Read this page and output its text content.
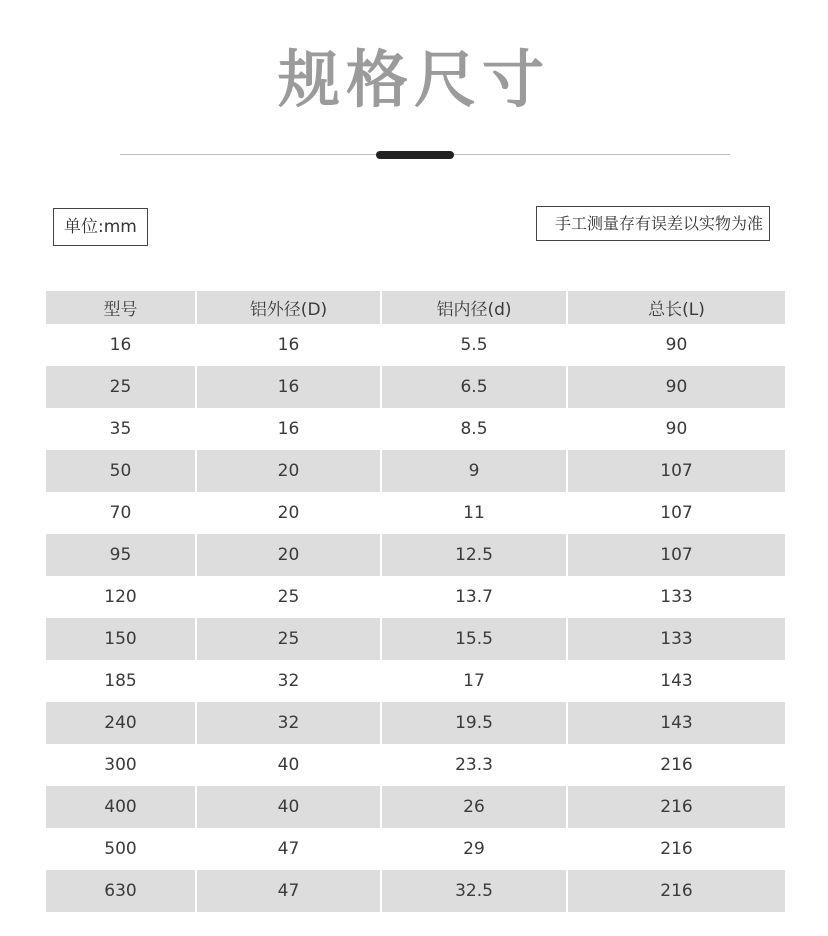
规格尺寸
单位:mm	手工测量存有误差以实物为准
型号	铝外径(D)	铝内径(d)	总长(L)
16	16	5.5	90
25	16	6.5	90
35	16	8.5	90
50	20	9	107
70	20	11	107
95	20	12.5	107
120	25	13.7	133
150	25	15.5	133
185	32	17	143
240	32	19.5	143
300	40	23.3	216
400	40	26	216
500	47	29	216
630	47	32.5	216
